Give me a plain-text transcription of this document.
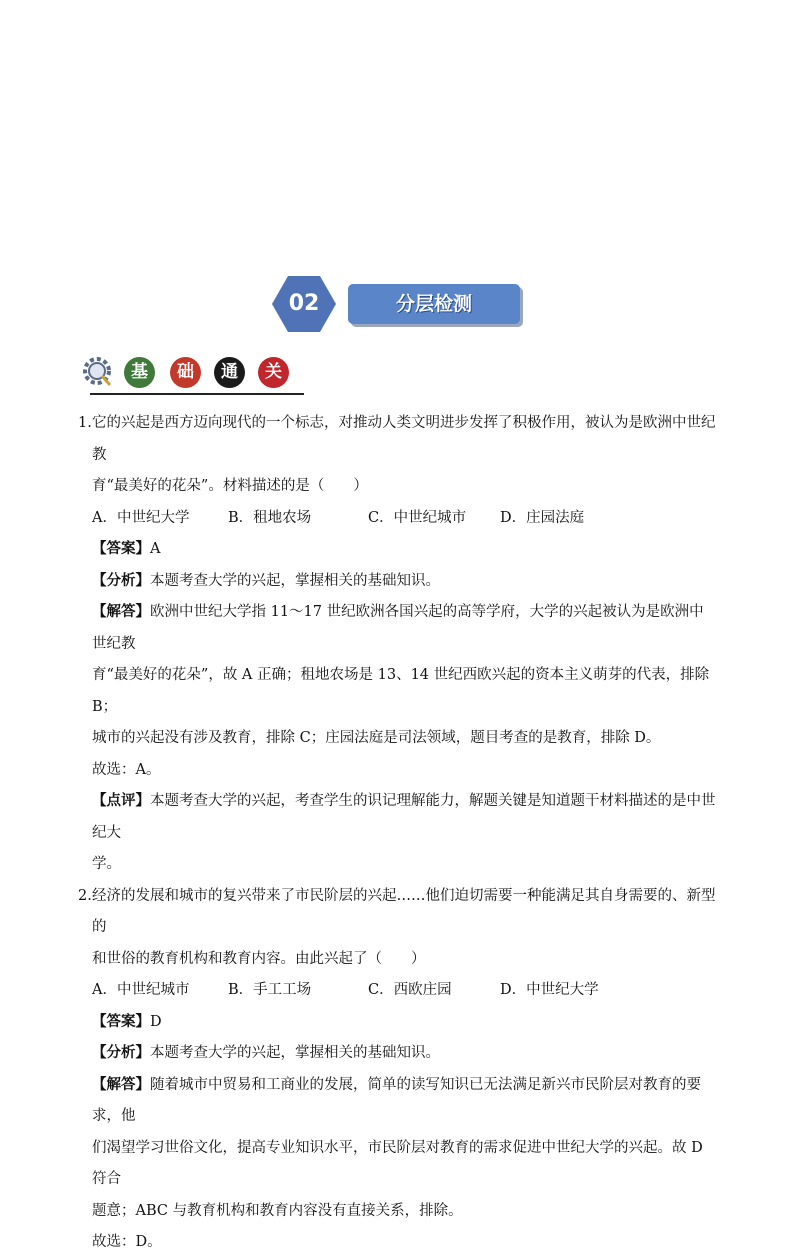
02	分层检测
基	础	通	关
1. 它的兴起是西方迈向现代的一个标志，对推动人类文明进步发挥了积极作用，被认为是欧洲中世纪教
育“最美好的花朵”。材料描述的是（　　）
A．中世纪大学	B．租地农场	C．中世纪城市	D．庄园法庭
【答案】A
【分析】本题考查大学的兴起，掌握相关的基础知识。
【解答】欧洲中世纪大学指 11～17 世纪欧洲各国兴起的高等学府，大学的兴起被认为是欧洲中世纪教
育“最美好的花朵”，故 A 正确；租地农场是 13、14 世纪西欧兴起的资本主义萌芽的代表，排除 B；
城市的兴起没有涉及教育，排除 C；庄园法庭是司法领域，题目考查的是教育，排除 D。
故选：A。
【点评】本题考查大学的兴起，考查学生的识记理解能力，解题关键是知道题干材料描述的是中世纪大
学。
2. 经济的发展和城市的复兴带来了市民阶层的兴起……他们迫切需要一种能满足其自身需要的、新型的
和世俗的教育机构和教育内容。由此兴起了（　　）
A．中世纪城市	B．手工工场	C．西欧庄园	D．中世纪大学
【答案】D
【分析】本题考查大学的兴起，掌握相关的基础知识。
【解答】随着城市中贸易和工商业的发展，简单的读写知识已无法满足新兴市民阶层对教育的要求，他
们渴望学习世俗文化，提高专业知识水平，市民阶层对教育的需求促进中世纪大学的兴起。故 D 符合
题意；ABC 与教育机构和教育内容没有直接关系，排除。
故选：D。
